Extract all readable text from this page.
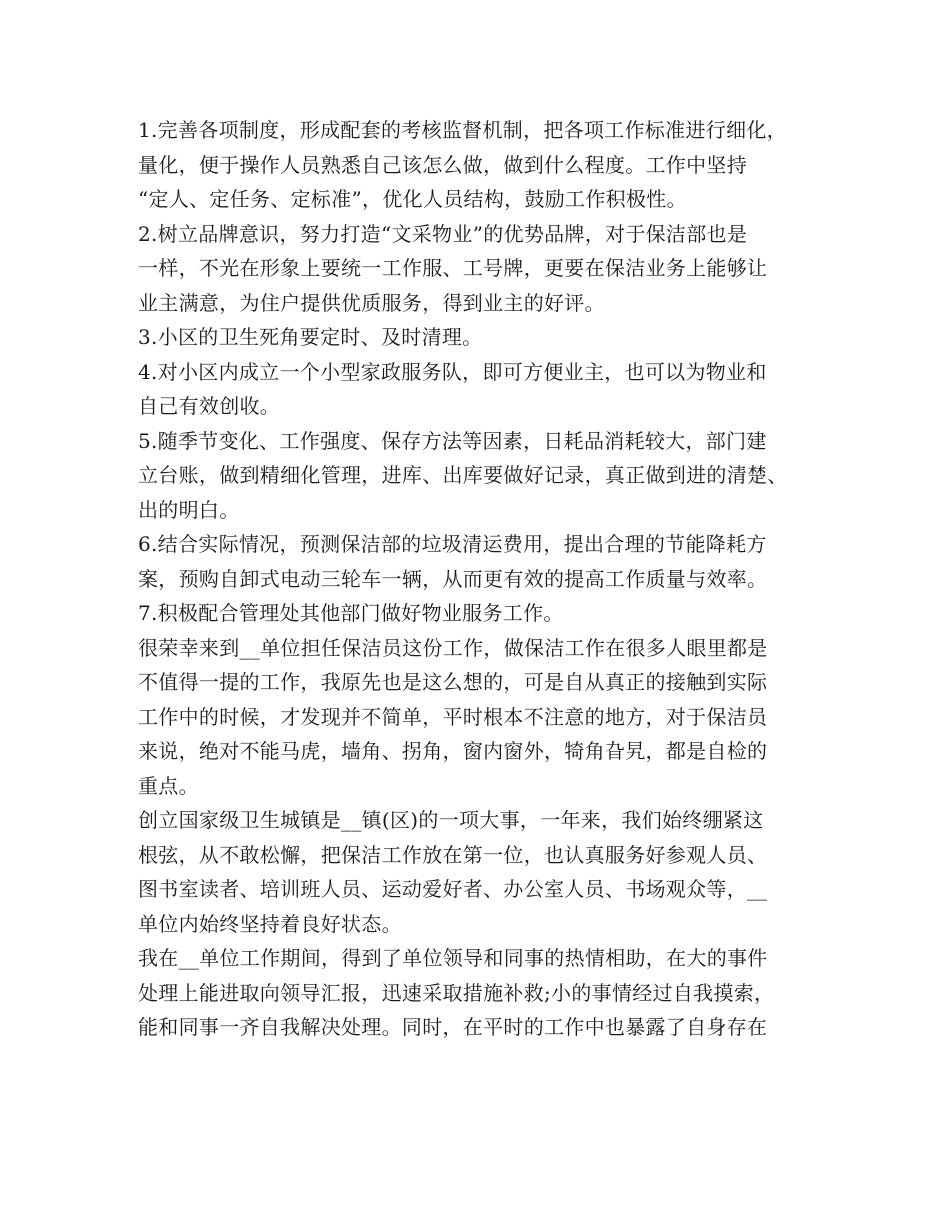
1.完善各项制度，形成配套的考核监督机制，把各项工作标准进行细化，
量化，便于操作人员熟悉自己该怎么做，做到什么程度。工作中坚持
“定人、定任务、定标准”，优化人员结构，鼓励工作积极性。
2.树立品牌意识，努力打造“文采物业”的优势品牌，对于保洁部也是
一样，不光在形象上要统一工作服、工号牌，更要在保洁业务上能够让
业主满意，为住户提供优质服务，得到业主的好评。
3.小区的卫生死角要定时、及时清理。
4.对小区内成立一个小型家政服务队，即可方便业主，也可以为物业和
自己有效创收。
5.随季节变化、工作强度、保存方法等因素，日耗品消耗较大，部门建
立台账，做到精细化管理，进库、出库要做好记录，真正做到进的清楚、
出的明白。
6.结合实际情况，预测保洁部的垃圾清运费用，提出合理的节能降耗方
案，预购自卸式电动三轮车一辆，从而更有效的提高工作质量与效率。
7.积极配合管理处其他部门做好物业服务工作。
很荣幸来到__单位担任保洁员这份工作，做保洁工作在很多人眼里都是
不值得一提的工作，我原先也是这么想的，可是自从真正的接触到实际
工作中的时候，才发现并不简单，平时根本不注意的地方，对于保洁员
来说，绝对不能马虎，墙角、拐角，窗内窗外，犄角旮旯，都是自检的
重点。
创立国家级卫生城镇是__镇(区)的一项大事，一年来，我们始终绷紧这
根弦，从不敢松懈，把保洁工作放在第一位，也认真服务好参观人员、
图书室读者、培训班人员、运动爱好者、办公室人员、书场观众等，__
单位内始终坚持着良好状态。
我在__单位工作期间，得到了单位领导和同事的热情相助，在大的事件
处理上能进取向领导汇报，迅速采取措施补救;小的事情经过自我摸索，
能和同事一齐自我解决处理。同时，在平时的工作中也暴露了自身存在
